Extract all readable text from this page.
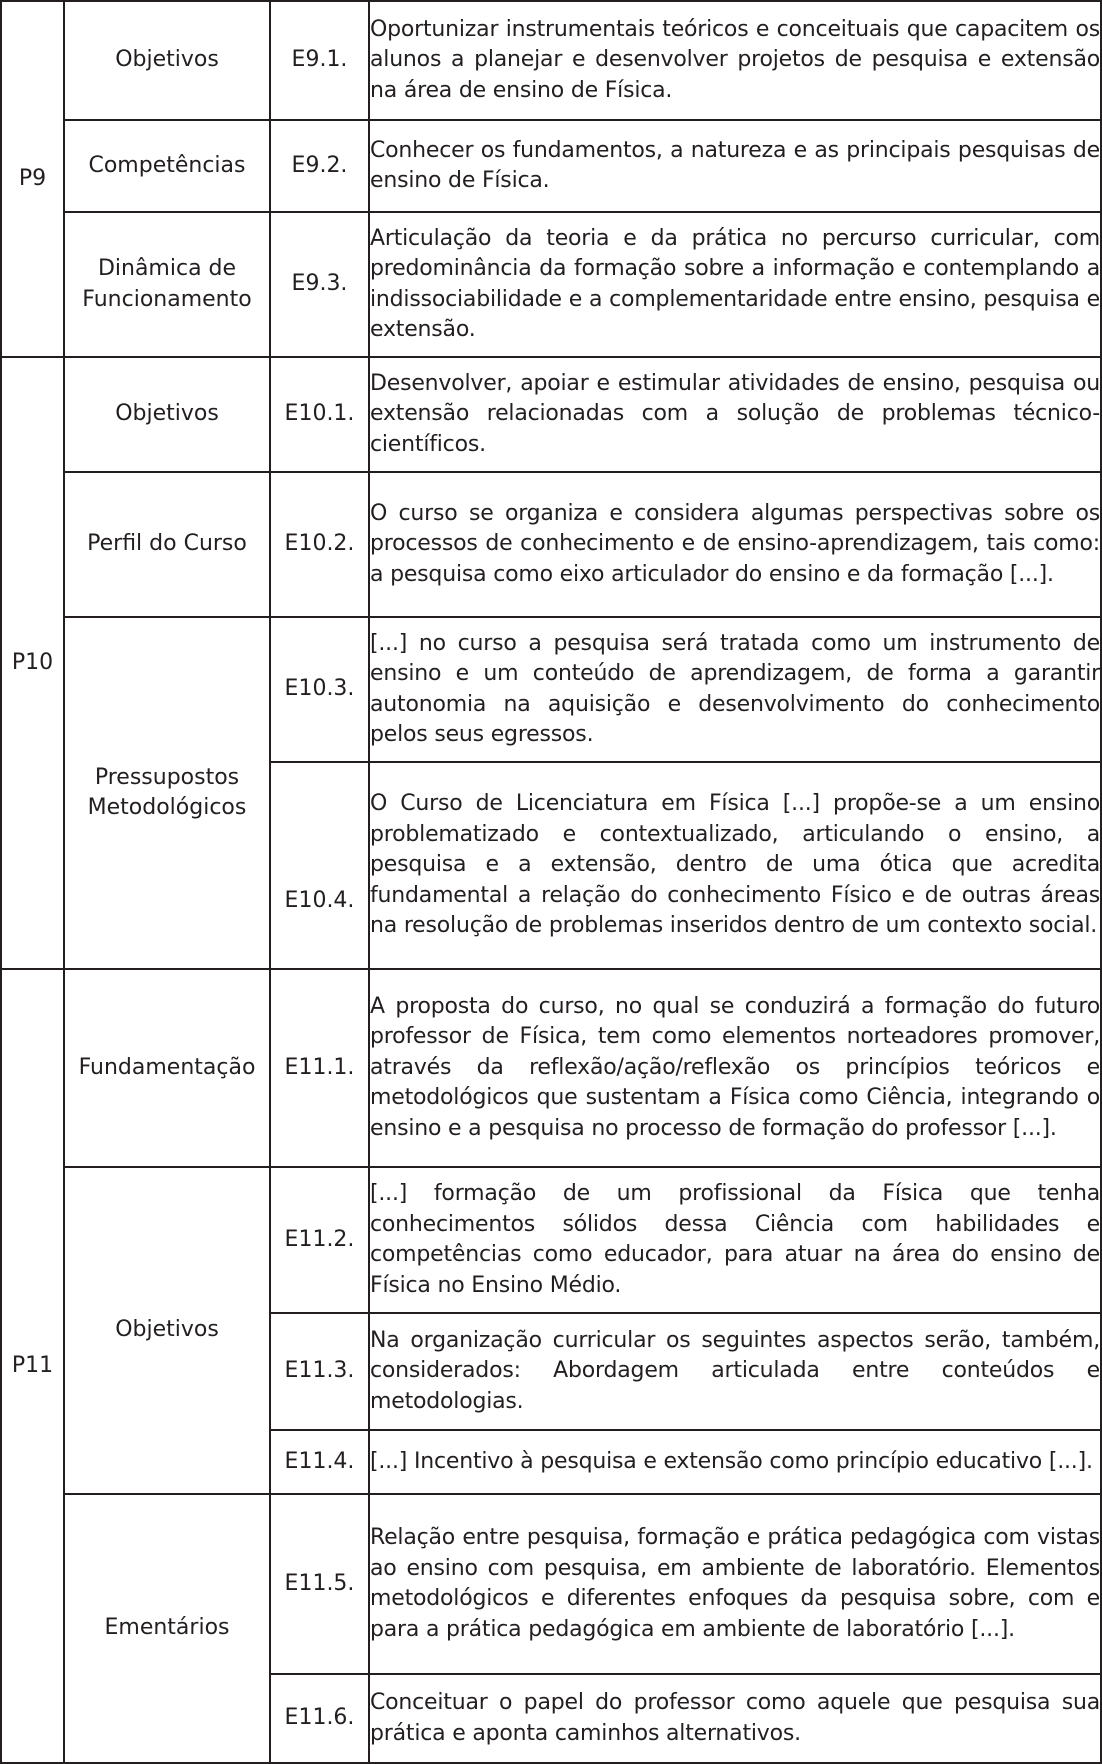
P9	Objetivos	E9.1.	Oportunizar instrumentais teóricos e conceituais que capacitem os alunos a planejar e desenvolver projetos de pesquisa e extensão na área de ensino de Física.
	Competências	E9.2.	Conhecer os fundamentos, a natureza e as principais pesquisas de ensino de Física.
	Dinâmica de Funcionamento	E9.3.	Articulação da teoria e da prática no percurso curricular, com predominância da formação sobre a informação e contemplando a indissociabilidade e a complementaridade entre ensino, pesquisa e extensão.
P10	Objetivos	E10.1.	Desenvolver, apoiar e estimular atividades de ensino, pesquisa ou extensão relacionadas com a solução de problemas técnico-científicos.
	Perfil do Curso	E10.2.	O curso se organiza e considera algumas perspectivas sobre os processos de conhecimento e de ensino-aprendizagem, tais como: a pesquisa como eixo articulador do ensino e da formação [...].
	Pressupostos Metodológicos	E10.3.	[...] no curso a pesquisa será tratada como um instrumento de ensino e um conteúdo de aprendizagem, de forma a garantir autonomia na aquisição e desenvolvimento do conhecimento pelos seus egressos.
		E10.4.	O Curso de Licenciatura em Física [...] propõe-se a um ensino problematizado e contextualizado, articulando o ensino, a pesquisa e a extensão, dentro de uma ótica que acredita fundamental a relação do conhecimento Físico e de outras áreas na resolução de problemas inseridos dentro de um contexto social.
P11	Fundamentação	E11.1.	A proposta do curso, no qual se conduzirá a formação do futuro professor de Física, tem como elementos norteadores promover, através da reflexão/ação/reflexão os princípios teóricos e metodológicos que sustentam a Física como Ciência, integrando o ensino e a pesquisa no processo de formação do professor [...].
	Objetivos	E11.2.	[...] formação de um profissional da Física que tenha conhecimentos sólidos dessa Ciência com habilidades e competências como educador, para atuar na área do ensino de Física no Ensino Médio.
		E11.3.	Na organização curricular os seguintes aspectos serão, também, considerados: Abordagem articulada entre conteúdos e metodologias.
		E11.4.	[...] Incentivo à pesquisa e extensão como princípio educativo [...].
	Ementários	E11.5.	Relação entre pesquisa, formação e prática pedagógica com vistas ao ensino com pesquisa, em ambiente de laboratório. Elementos metodológicos e diferentes enfoques da pesquisa sobre, com e para a prática pedagógica em ambiente de laboratório [...].
		E11.6.	Conceituar o papel do professor como aquele que pesquisa sua prática e aponta caminhos alternativos.
